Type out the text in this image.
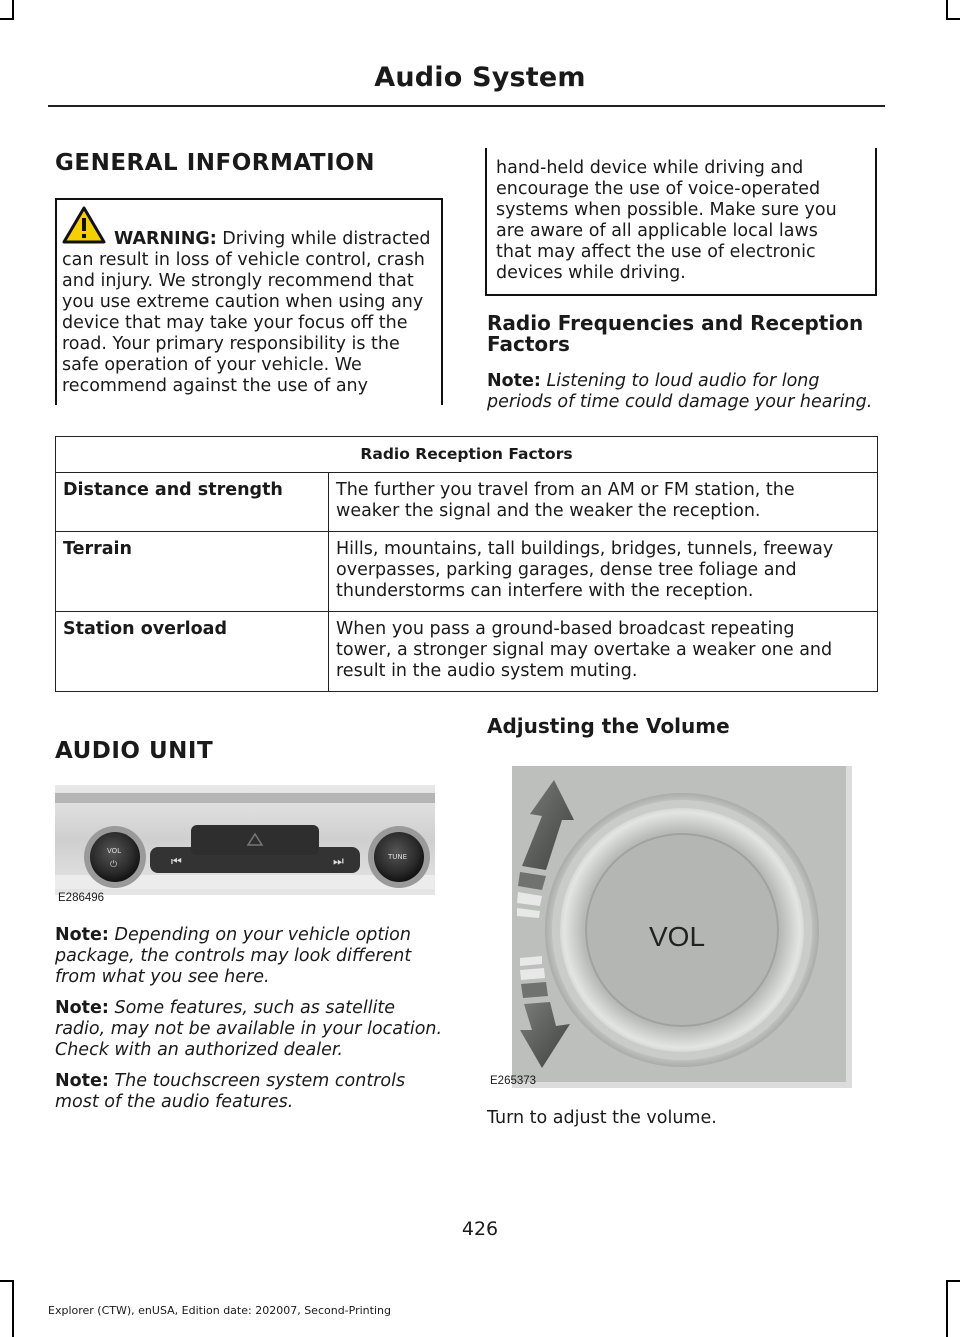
Audio System
GENERAL INFORMATION
WARNING: Driving while distracted
can result in loss of vehicle control, crash
and injury. We strongly recommend that
you use extreme caution when using any
device that may take your focus off the
road. Your primary responsibility is the
safe operation of your vehicle. We
recommend against the use of any
hand-held device while driving and
encourage the use of voice-operated
systems when possible. Make sure you
are aware of all applicable local laws
that may affect the use of electronic
devices while driving.
Radio Frequencies and Reception
Factors
Note: Listening to loud audio for long
periods of time could damage your hearing.
Radio Reception Factors	
Distance and strength	The further you travel from an AM or FM station, the
weaker the signal and the weaker the reception.

Terrain	Hills, mountains, tall buildings, bridges, tunnels, freeway
overpasses, parking garages, dense tree foliage and
thunderstorms can interfere with the reception.

Station overload	When you pass a ground-based broadcast repeating
tower, a stronger signal may overtake a weaker one and
result in the audio system muting.
AUDIO UNIT
⏮	⏭
⏻
VOL
TUNE
E286496
Note: Depending on your vehicle option
package, the controls may look different
from what you see here.
Note: Some features, such as satellite
radio, may not be available in your location.
Check with an authorized dealer.
Note: The touchscreen system controls
most of the audio features.
Adjusting the Volume
VOL
E265373
Turn to adjust the volume.
426
Explorer (CTW), enUSA, Edition date: 202007, Second-Printing
